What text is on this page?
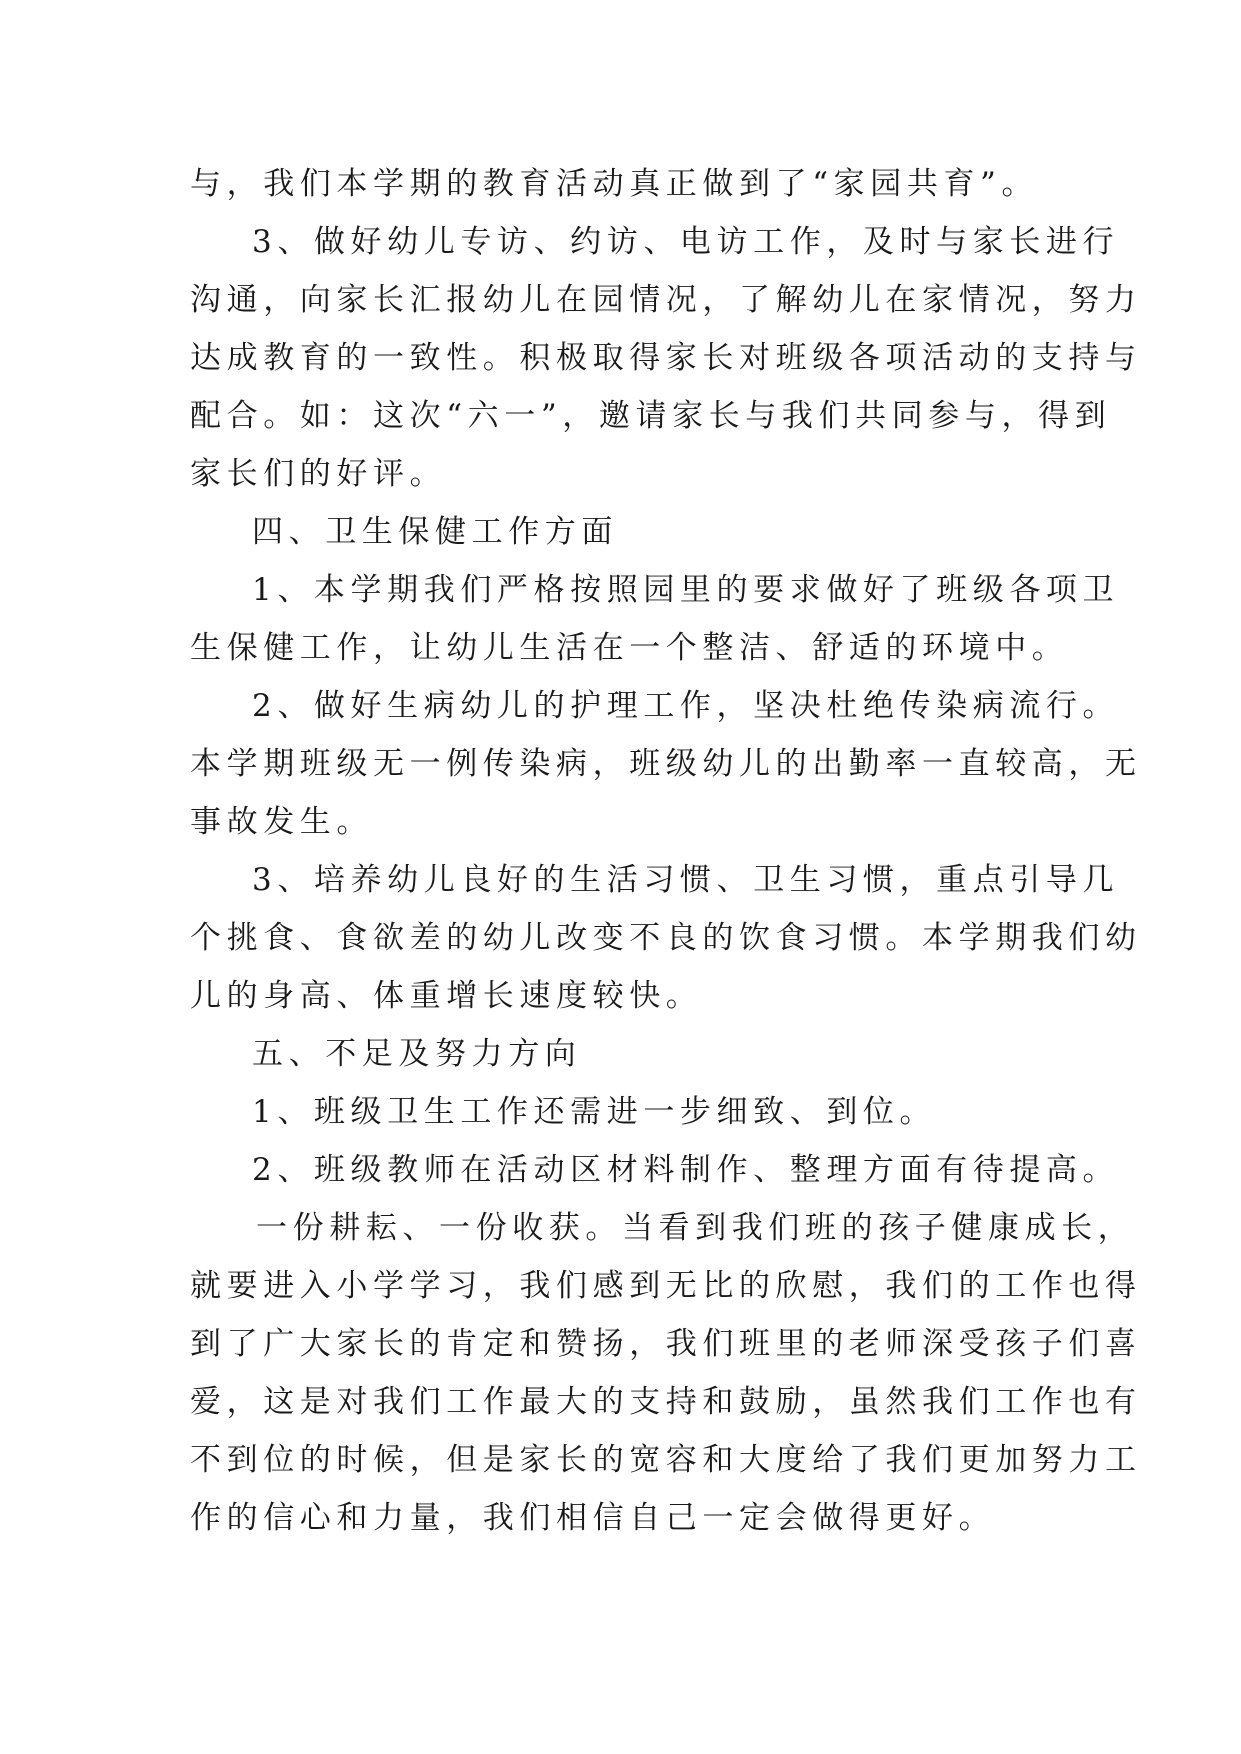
与，我们本学期的教育活动真正做到了“家园共育”。
3、做好幼儿专访、约访、电访工作，及时与家长进行
沟通，向家长汇报幼儿在园情况，了解幼儿在家情况，努力
达成教育的一致性。积极取得家长对班级各项活动的支持与
配合。如：这次“六一”，邀请家长与我们共同参与，得到
家长们的好评。
四、卫生保健工作方面
1、本学期我们严格按照园里的要求做好了班级各项卫
生保健工作，让幼儿生活在一个整洁、舒适的环境中。
2、做好生病幼儿的护理工作，坚决杜绝传染病流行。
本学期班级无一例传染病，班级幼儿的出勤率一直较高，无
事故发生。
3、培养幼儿良好的生活习惯、卫生习惯，重点引导几
个挑食、食欲差的幼儿改变不良的饮食习惯。本学期我们幼
儿的身高、体重增长速度较快。
五、不足及努力方向
1、班级卫生工作还需进一步细致、到位。
2、班级教师在活动区材料制作、整理方面有待提高。
一份耕耘、一份收获。当看到我们班的孩子健康成长，
就要进入小学学习，我们感到无比的欣慰，我们的工作也得
到了广大家长的肯定和赞扬，我们班里的老师深受孩子们喜
爱，这是对我们工作最大的支持和鼓励，虽然我们工作也有
不到位的时候，但是家长的宽容和大度给了我们更加努力工
作的信心和力量，我们相信自己一定会做得更好。
